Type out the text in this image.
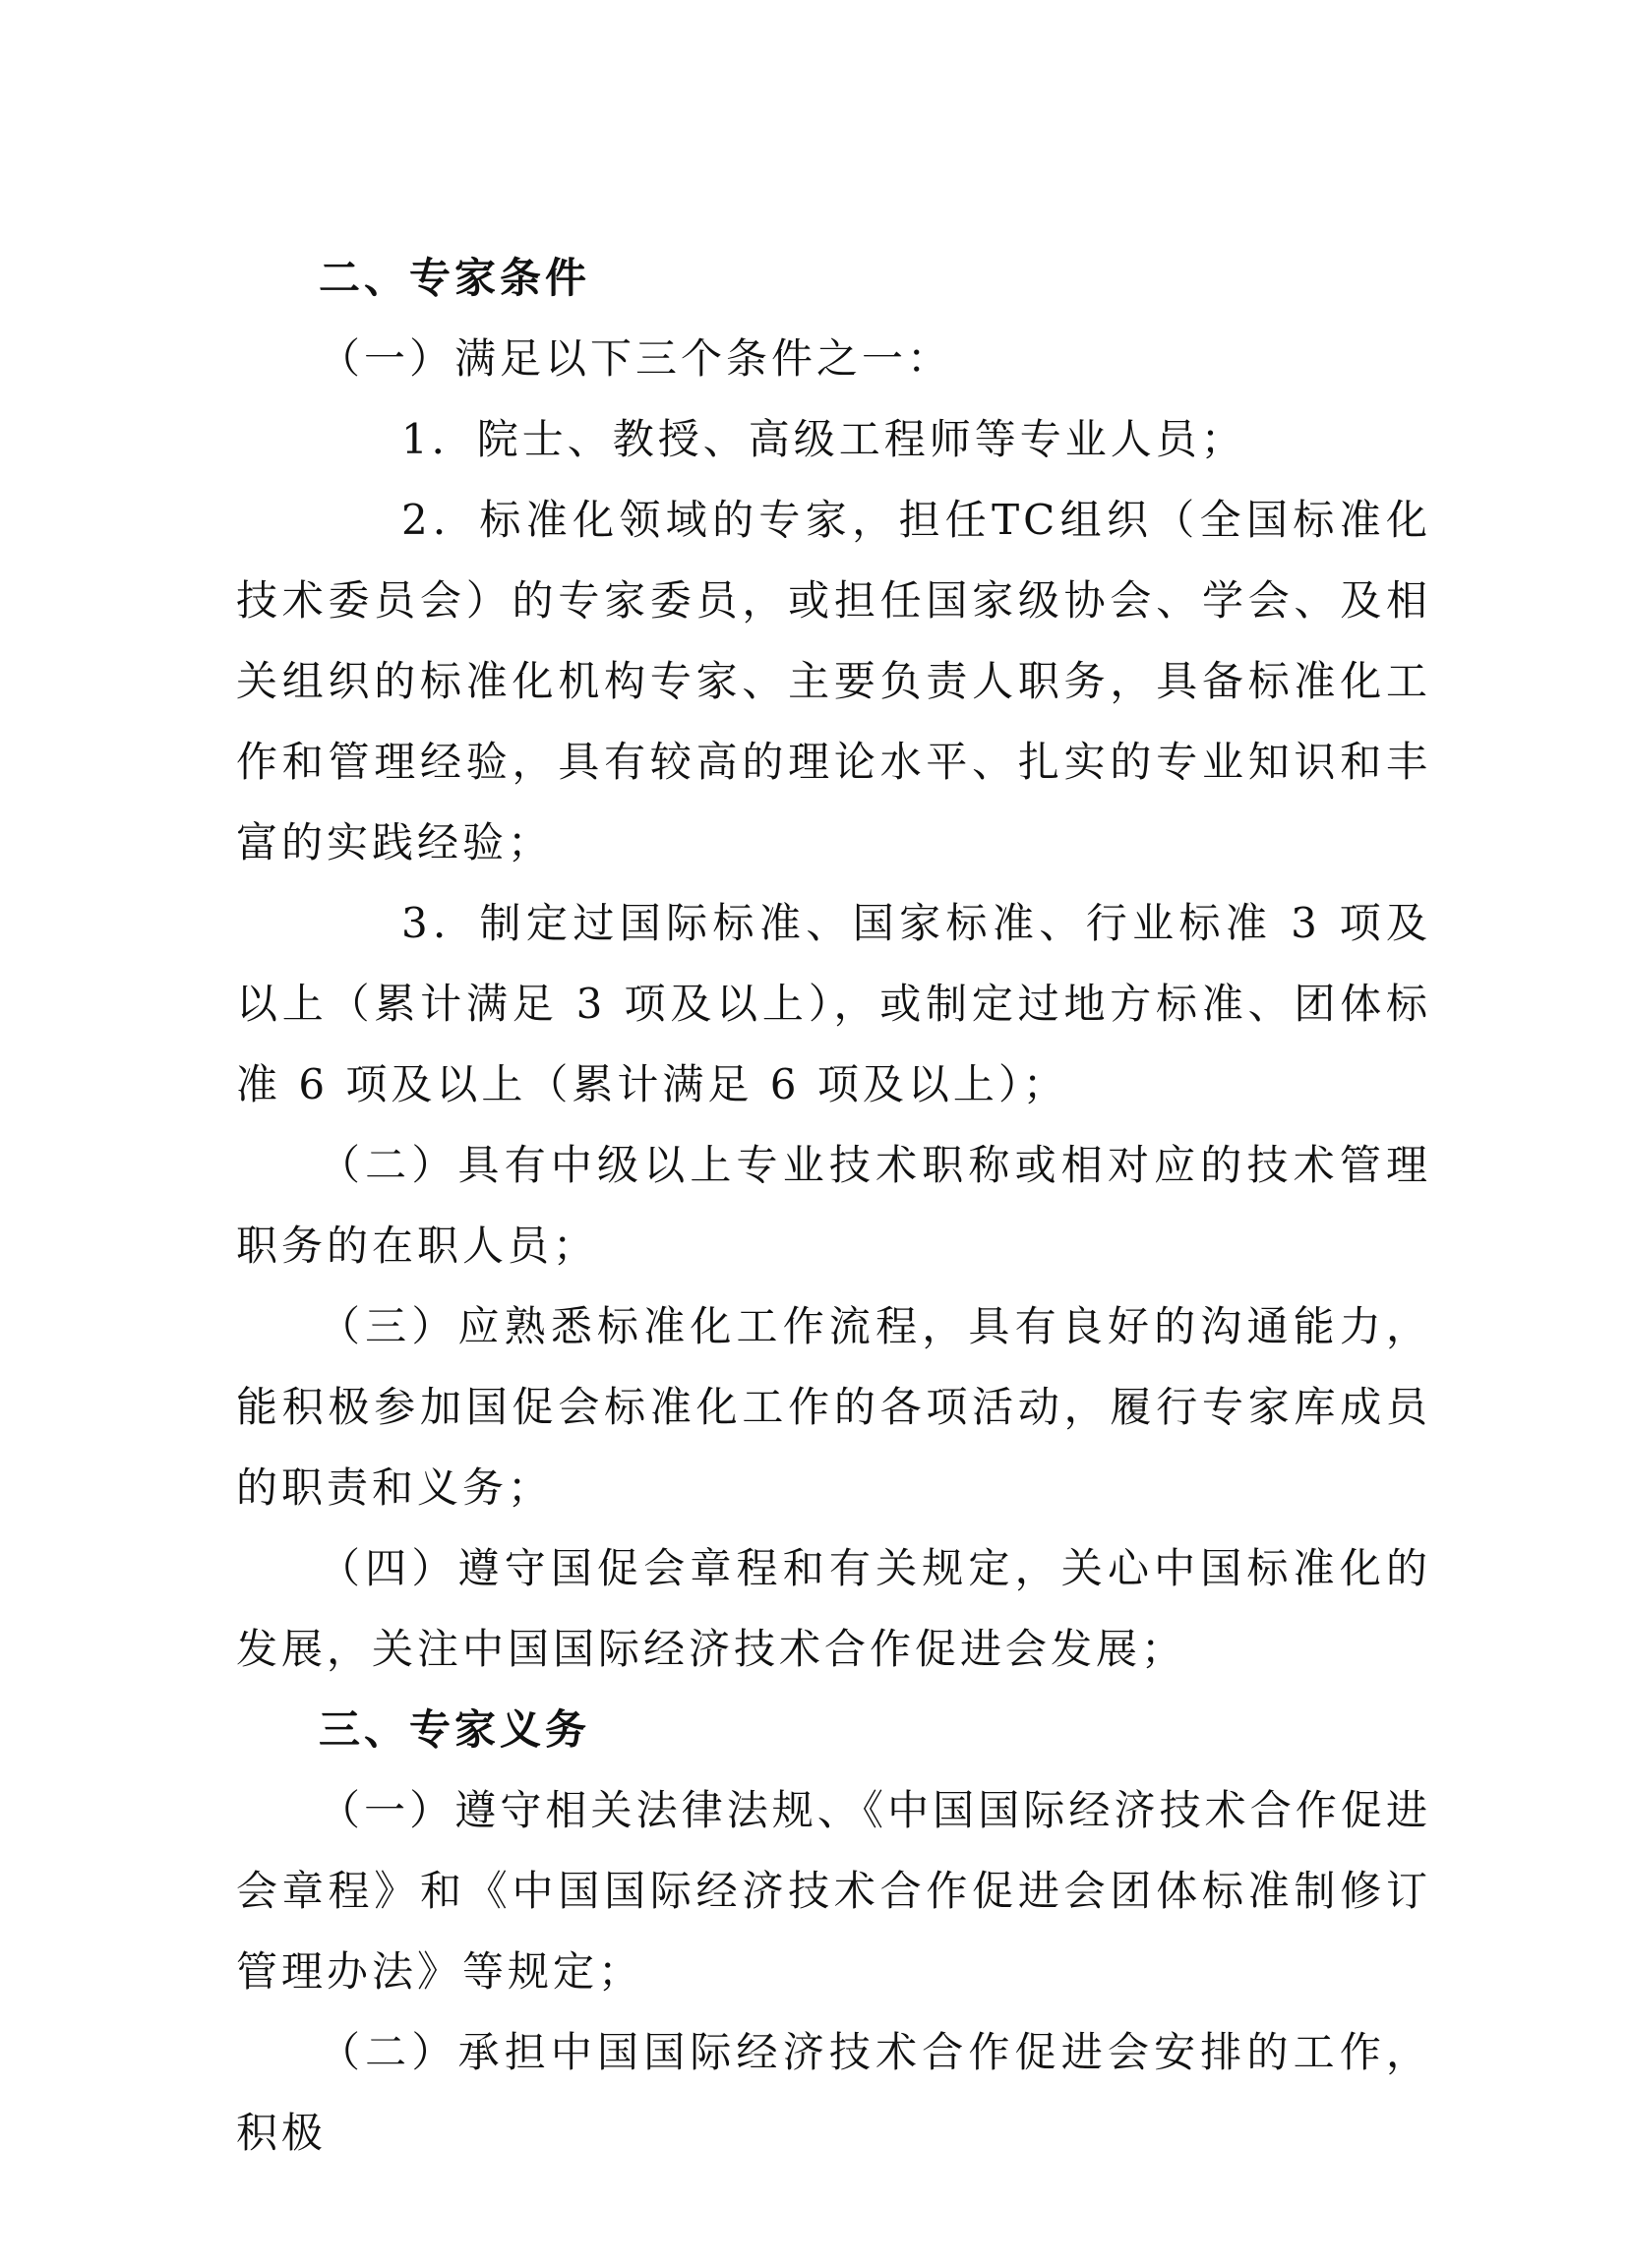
二、专家条件

（一）满足以下三个条件之一：

1．院士、教授、高级工程师等专业人员；

2．标准化领域的专家，担任TC组织（全国标准化技术委员会）的专家委员，或担任国家级协会、学会、及相关组织的标准化机构专家、主要负责人职务，具备标准化工作和管理经验，具有较高的理论水平、扎实的专业知识和丰富的实践经验；

3．制定过国际标准、国家标准、行业标准 3 项及以上（累计满足 3 项及以上），或制定过地方标准、团体标准 6 项及以上（累计满足 6 项及以上）；

（二）具有中级以上专业技术职称或相对应的技术管理职务的在职人员；

（三）应熟悉标准化工作流程，具有良好的沟通能力，能积极参加国促会标准化工作的各项活动，履行专家库成员的职责和义务；

（四）遵守国促会章程和有关规定，关心中国标准化的发展，关注中国国际经济技术合作促进会发展；

三、专家义务

（一）遵守相关法律法规、《中国国际经济技术合作促进会章程》和《中国国际经济技术合作促进会团体标准制修订管理办法》等规定；

（二）承担中国国际经济技术合作促进会安排的工作，积极
